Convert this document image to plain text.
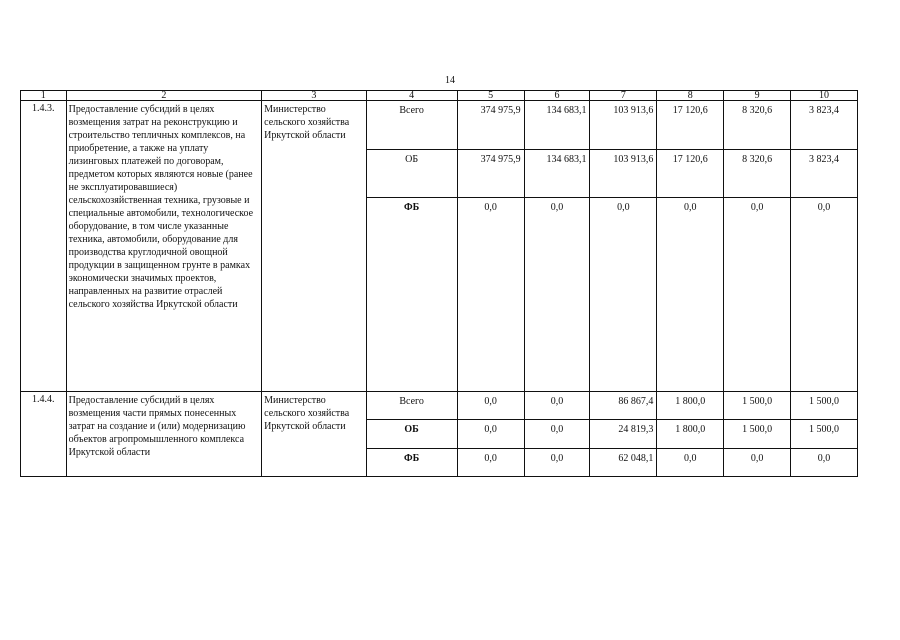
14
1	2	3	4	5	6	7	8	9	10
1.4.3.	Предоставление субсидий в целях возмещения затрат на реконструкцию и строительство тепличных комплексов, на приобретение, а также на уплату лизинговых платежей по договорам, предметом которых являются новые (ранее не эксплуатировавшиеся) сельскохозяйственная техника, грузовые и специальные автомобили, технологическое оборудование, в том числе указанные техника, автомобили, оборудование для производства круглодичной овощной продукции в защищенном грунте в рамках экономически значимых проектов, направленных на развитие отраслей сельского хозяйства Иркутской области	Министерство сельского хозяйства Иркутской области	Всего	374 975,9	134 683,1	103 913,6	17 120,6	8 320,6	3 823,4
			ОБ	374 975,9	134 683,1	103 913,6	17 120,6	8 320,6	3 823,4
			ФБ	0,0	0,0	0,0	0,0	0,0	0,0
1.4.4.	Предоставление субсидий в целях возмещения части прямых понесенных затрат на создание и (или) модернизацию объектов агропромышленного комплекса Иркутской области	Министерство сельского хозяйства Иркутской области	Всего	0,0	0,0	86 867,4	1 800,0	1 500,0	1 500,0
			ОБ	0,0	0,0	24 819,3	1 800,0	1 500,0	1 500,0
			ФБ	0,0	0,0	62 048,1	0,0	0,0	0,0
